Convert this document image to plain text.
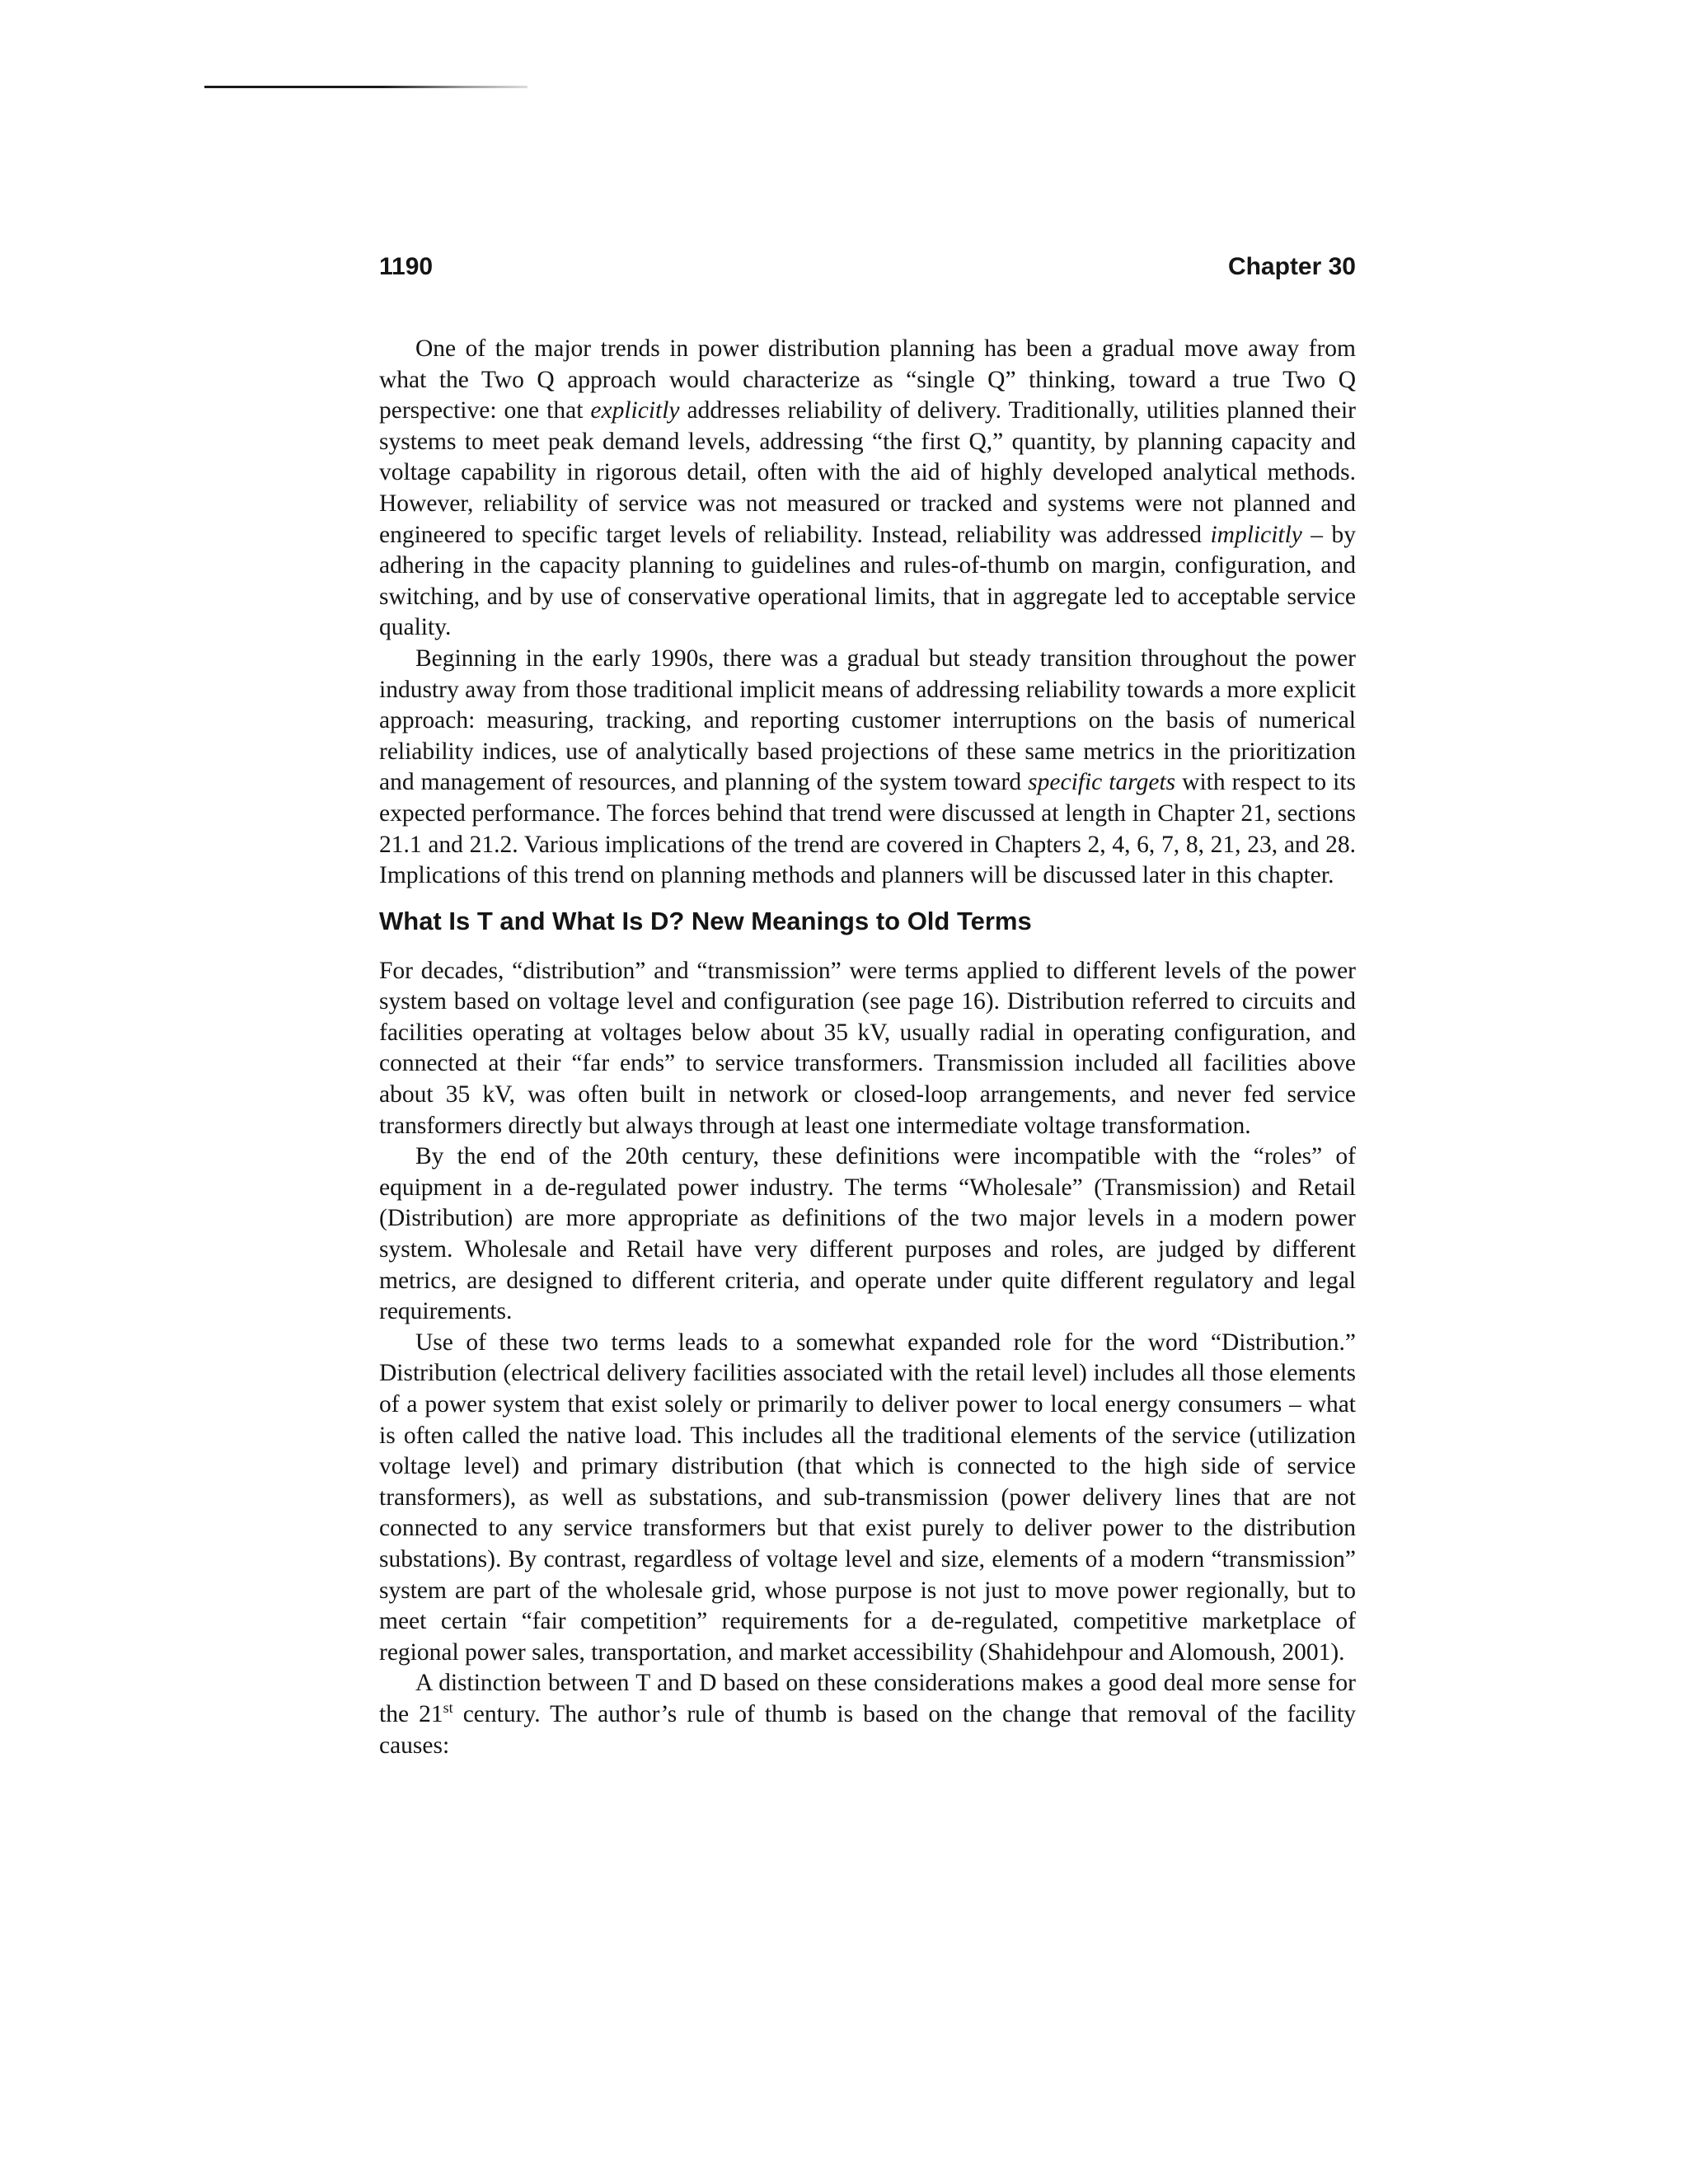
1190	Chapter 30

One of the major trends in power distribution planning has been a gradual move away from what the Two Q approach would characterize as “single Q” thinking, toward a true Two Q perspective: one that explicitly addresses reliability of delivery. Traditionally, utilities planned their systems to meet peak demand levels, addressing “the first Q,” quantity, by planning capacity and voltage capability in rigorous detail, often with the aid of highly developed analytical methods. However, reliability of service was not measured or tracked and systems were not planned and engineered to specific target levels of reliability. Instead, reliability was addressed implicitly – by adhering in the capacity planning to guidelines and rules-of-thumb on margin, configuration, and switching, and by use of conservative operational limits, that in aggregate led to acceptable service quality.

Beginning in the early 1990s, there was a gradual but steady transition throughout the power industry away from those traditional implicit means of addressing reliability towards a more explicit approach: measuring, tracking, and reporting customer interruptions on the basis of numerical reliability indices, use of analytically based projections of these same metrics in the prioritization and management of resources, and planning of the system toward specific targets with respect to its expected performance. The forces behind that trend were discussed at length in Chapter 21, sections 21.1 and 21.2. Various implications of the trend are covered in Chapters 2, 4, 6, 7, 8, 21, 23, and 28. Implications of this trend on planning methods and planners will be discussed later in this chapter.

What Is T and What Is D? New Meanings to Old Terms

For decades, “distribution” and “transmission” were terms applied to different levels of the power system based on voltage level and configuration (see page 16). Distribution referred to circuits and facilities operating at voltages below about 35 kV, usually radial in operating configuration, and connected at their “far ends” to service transformers. Transmission included all facilities above about 35 kV, was often built in network or closed-loop arrangements, and never fed service transformers directly but always through at least one intermediate voltage transformation.

By the end of the 20th century, these definitions were incompatible with the “roles” of equipment in a de-regulated power industry. The terms “Wholesale” (Transmission) and Retail (Distribution) are more appropriate as definitions of the two major levels in a modern power system. Wholesale and Retail have very different purposes and roles, are judged by different metrics, are designed to different criteria, and operate under quite different regulatory and legal requirements.

Use of these two terms leads to a somewhat expanded role for the word “Distribution.” Distribution (electrical delivery facilities associated with the retail level) includes all those elements of a power system that exist solely or primarily to deliver power to local energy consumers – what is often called the native load. This includes all the traditional elements of the service (utilization voltage level) and primary distribution (that which is connected to the high side of service transformers), as well as substations, and sub-transmission (power delivery lines that are not connected to any service transformers but that exist purely to deliver power to the distribution substations). By contrast, regardless of voltage level and size, elements of a modern “transmission” system are part of the wholesale grid, whose purpose is not just to move power regionally, but to meet certain “fair competition” requirements for a de-regulated, competitive marketplace of regional power sales, transportation, and market accessibility (Shahidehpour and Alomoush, 2001).

A distinction between T and D based on these considerations makes a good deal more sense for the 21st century. The author’s rule of thumb is based on the change that removal of the facility causes:
